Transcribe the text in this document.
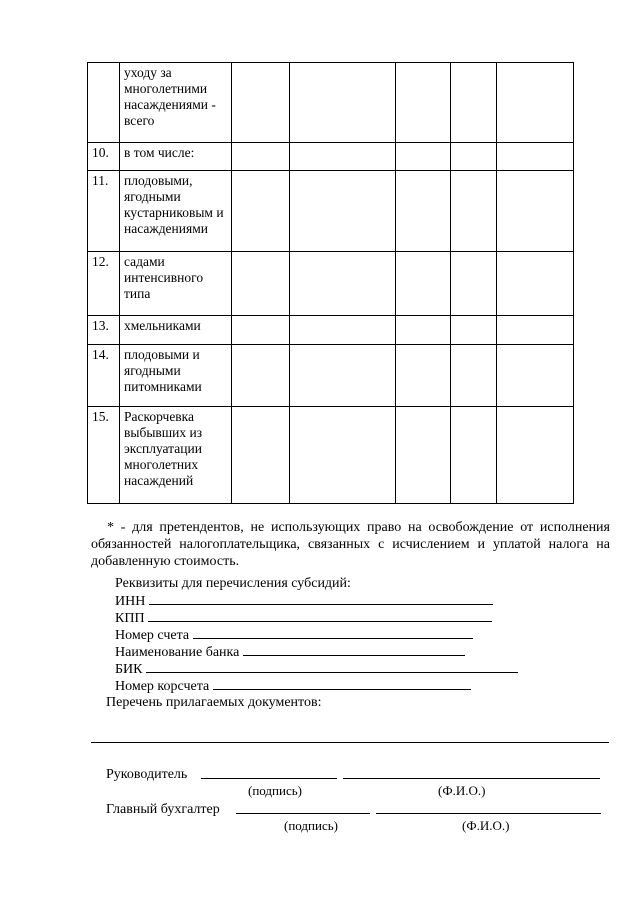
	уходу за многолетними насаждениями - всего					
10.	в том числе:					
11.	плодовыми, ягодными кустарниковым и насаждениями					
12.	садами интенсивного типа					
13.	хмельниками					
14.	плодовыми и ягодными питомниками					
15.	Раскорчевка выбывших из эксплуатации многолетних насаждений					

* - для претендентов, не использующих право на освобождение от исполнения обязанностей налогоплательщика, связанных с исчислением и уплатой налога на добавленную стоимость.

Реквизиты для перечисления субсидий:
ИНН
КПП
Номер счета
Наименование банка
БИК
Номер корсчета
Перечень прилагаемых документов:
Руководитель
(подпись)	(Ф.И.О.)
Главный бухгалтер
(подпись)	(Ф.И.О.)
